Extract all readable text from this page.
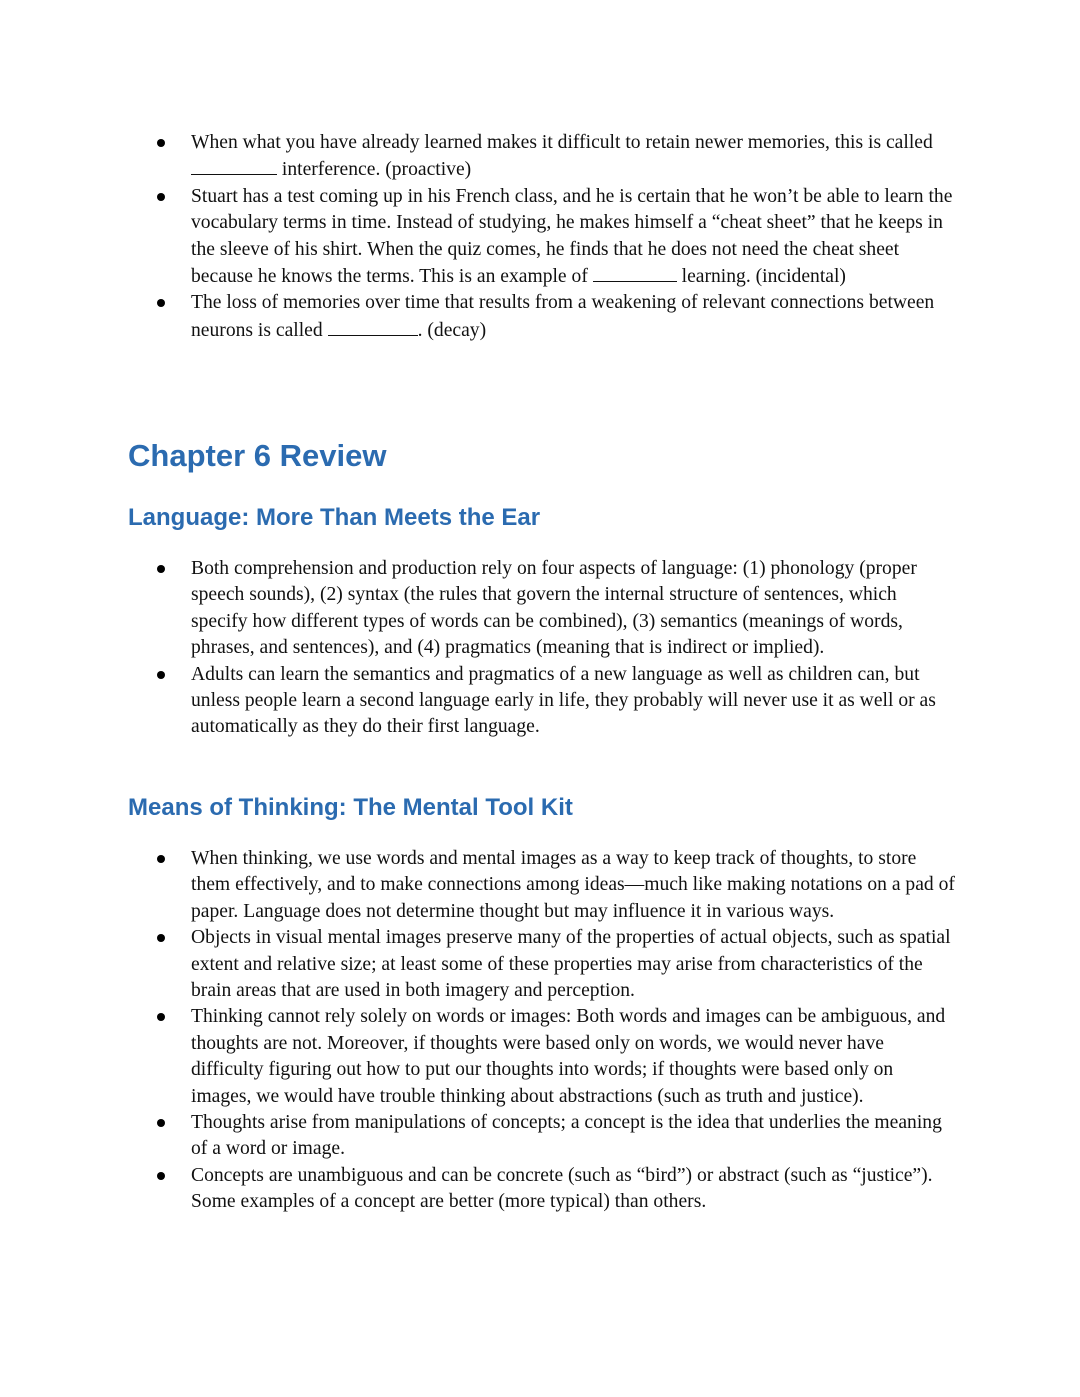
When what you have already learned makes it difficult to retain newer memories, this is called  interference. (proactive)
Stuart has a test coming up in his French class, and he is certain that he won’t be able to learn the vocabulary terms in time. Instead of studying, he makes himself a “cheat sheet” that he keeps in the sleeve of his shirt. When the quiz comes, he finds that he does not need the cheat sheet because he knows the terms. This is an example of	learning. (incidental)
The loss of memories over time that results from a weakening of relevant connections between neurons is called	. (decay)
Chapter 6 Review
Language: More Than Meets the Ear
Both comprehension and production rely on four aspects of language: (1) phonology (proper speech sounds), (2) syntax (the rules that govern the internal structure of sentences, which specify how different types of words can be combined), (3) semantics (meanings of words, phrases, and sentences), and (4) pragmatics (meaning that is indirect or implied).
Adults can learn the semantics and pragmatics of a new language as well as children can, but unless people learn a second language early in life, they probably will never use it as well or as automatically as they do their first language.
Means of Thinking: The Mental Tool Kit
When thinking, we use words and mental images as a way to keep track of thoughts, to store them effectively, and to make connections among ideas—much like making notations on a pad of paper. Language does not determine thought but may influence it in various ways.
Objects in visual mental images preserve many of the properties of actual objects, such as spatial extent and relative size; at least some of these properties may arise from characteristics of the brain areas that are used in both imagery and perception.
Thinking cannot rely solely on words or images: Both words and images can be ambiguous, and thoughts are not. Moreover, if thoughts were based only on words, we would never have difficulty figuring out how to put our thoughts into words; if thoughts were based only on images, we would have trouble thinking about abstractions (such as truth and justice).
Thoughts arise from manipulations of concepts; a concept is the idea that underlies the meaning of a word or image.
Concepts are unambiguous and can be concrete (such as “bird”) or abstract (such as “justice”). Some examples of a concept are better (more typical) than others.
